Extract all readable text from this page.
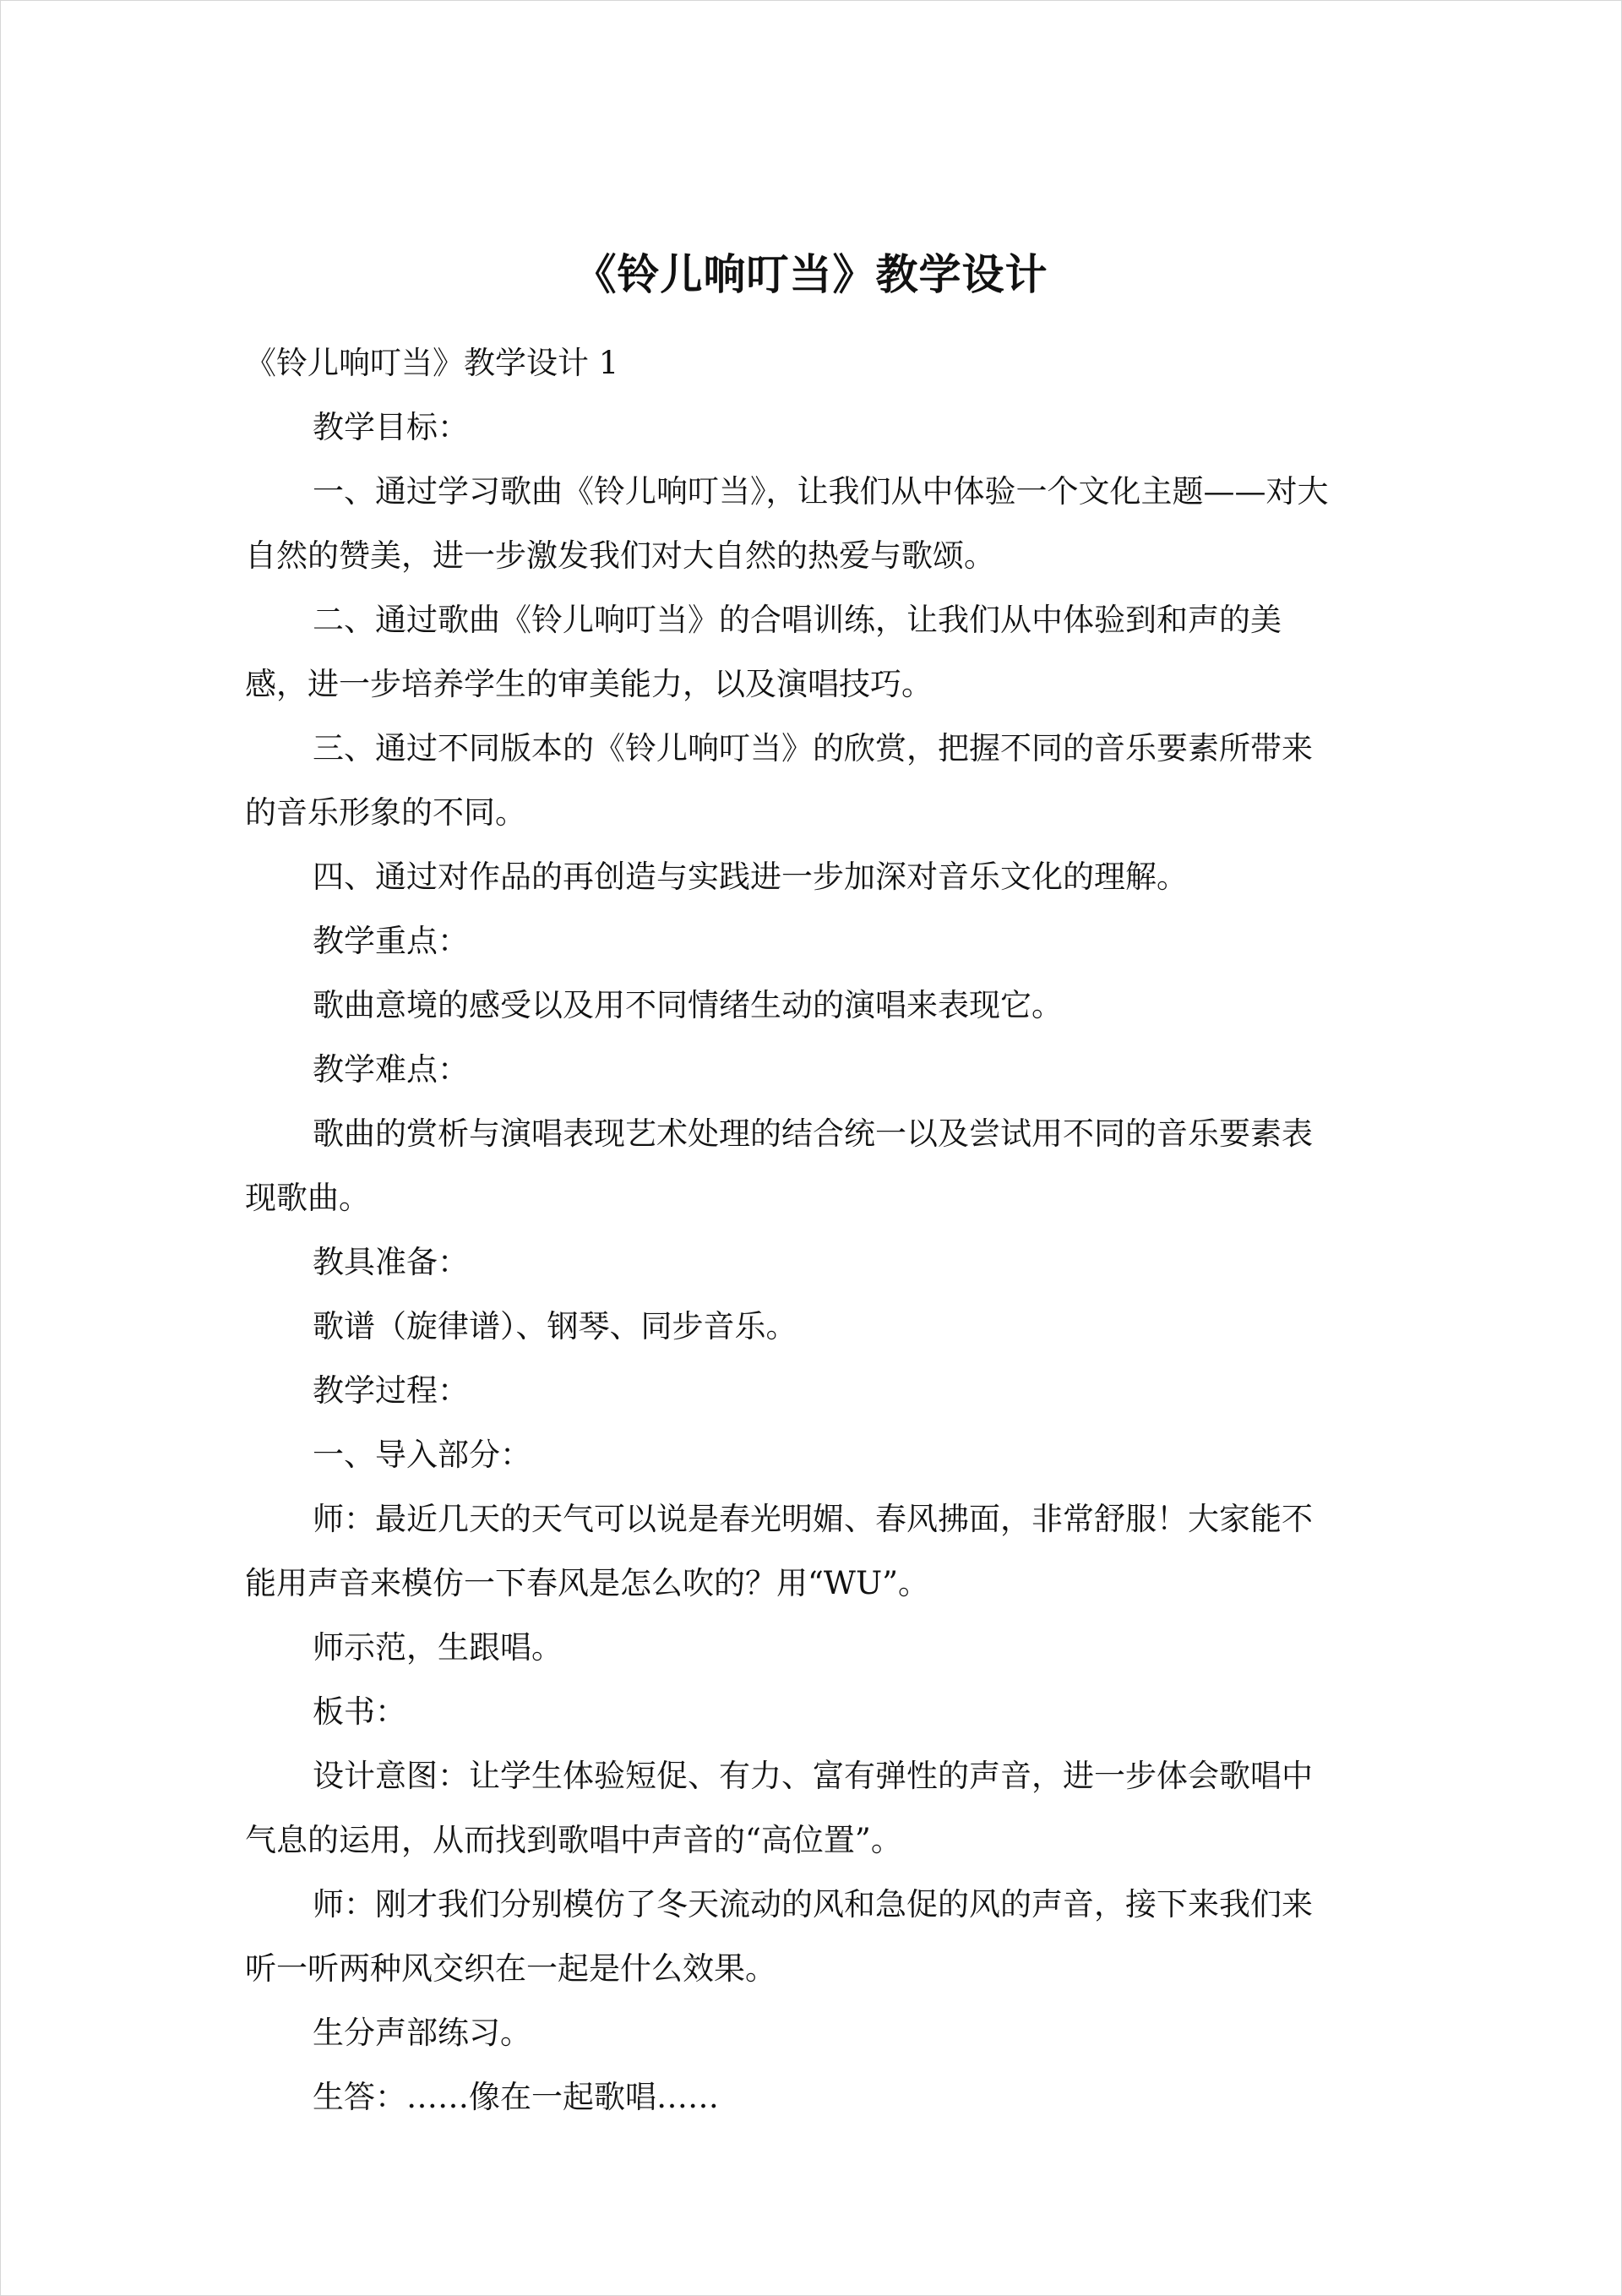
《铃儿响叮当》教学设计
《铃儿响叮当》教学设计 1
教学目标：
一、通过学习歌曲《铃儿响叮当》，让我们从中体验一个文化主题——对大
自然的赞美，进一步激发我们对大自然的热爱与歌颂。
二、通过歌曲《铃儿响叮当》的合唱训练，让我们从中体验到和声的美
感，进一步培养学生的审美能力，以及演唱技巧。
三、通过不同版本的《铃儿响叮当》的欣赏，把握不同的音乐要素所带来
的音乐形象的不同。
四、通过对作品的再创造与实践进一步加深对音乐文化的理解。
教学重点：
歌曲意境的感受以及用不同情绪生动的演唱来表现它。
教学难点：
歌曲的赏析与演唱表现艺术处理的结合统一以及尝试用不同的音乐要素表
现歌曲。
教具准备：
歌谱（旋律谱）、钢琴、同步音乐。
教学过程：
一、导入部分：
师：最近几天的天气可以说是春光明媚、春风拂面，非常舒服！大家能不
能用声音来模仿一下春风是怎么吹的？用“WU”。
师示范，生跟唱。
板书：
设计意图：让学生体验短促、有力、富有弹性的声音，进一步体会歌唱中
气息的运用，从而找到歌唱中声音的“高位置”。
师：刚才我们分别模仿了冬天流动的风和急促的风的声音，接下来我们来
听一听两种风交织在一起是什么效果。
生分声部练习。
生答：……像在一起歌唱……
